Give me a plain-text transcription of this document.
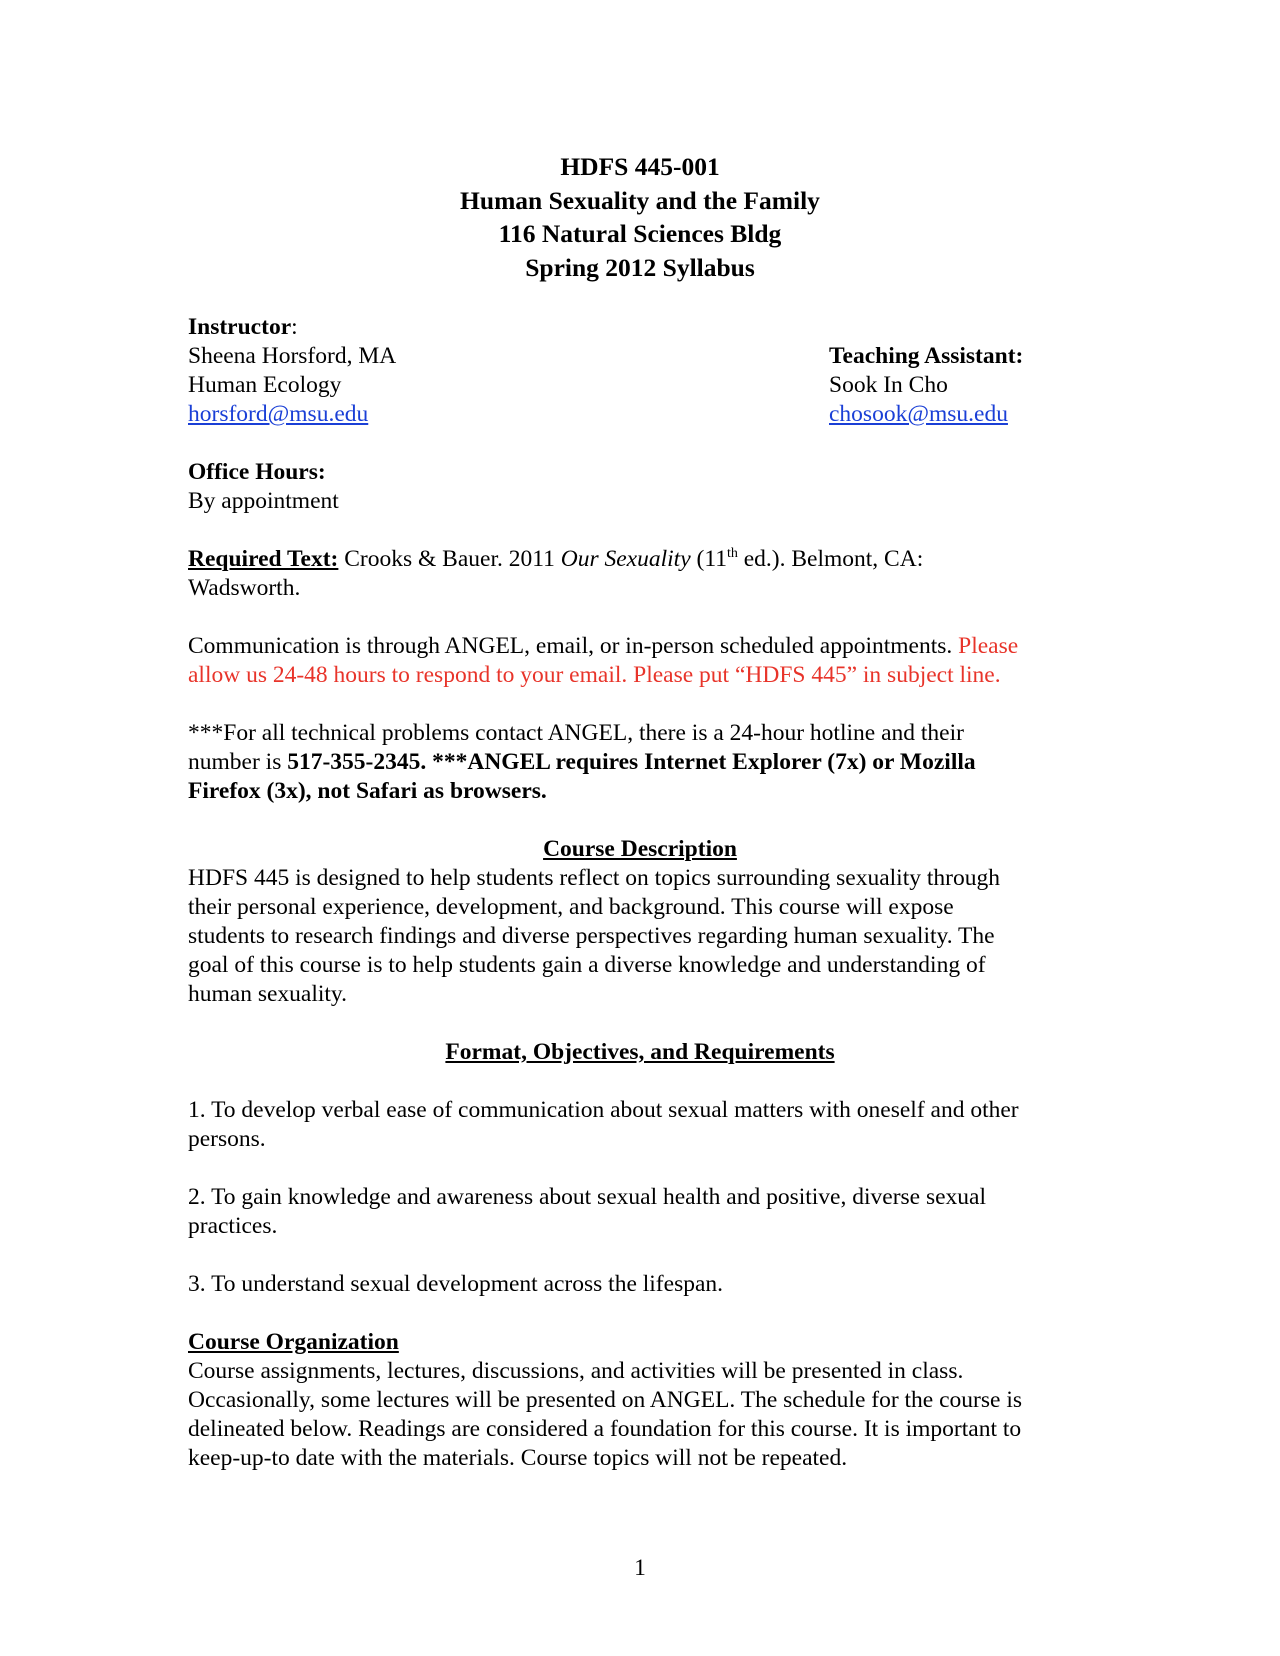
HDFS 445-001
Human Sexuality and the Family
116 Natural Sciences Bldg
Spring 2012 Syllabus
Instructor:
Sheena Horsford, MA
Human Ecology
horsford@msu.edu
Teaching Assistant:
Sook In Cho
chosook@msu.edu
Office Hours:
By appointment
Required Text: Crooks & Bauer. 2011 Our Sexuality (11th ed.). Belmont, CA:
Wadsworth.
Communication is through ANGEL, email, or in-person scheduled appointments. Please
allow us 24-48 hours to respond to your email. Please put “HDFS 445” in subject line.
***For all technical problems contact ANGEL, there is a 24-hour hotline and their
number is 517-355-2345. ***ANGEL requires Internet Explorer (7x) or Mozilla
Firefox (3x), not Safari as browsers.
Course Description
HDFS 445 is designed to help students reflect on topics surrounding sexuality through
their personal experience, development, and background. This course will expose
students to research findings and diverse perspectives regarding human sexuality. The
goal of this course is to help students gain a diverse knowledge and understanding of
human sexuality.
Format, Objectives, and Requirements
1. To develop verbal ease of communication about sexual matters with oneself and other
persons.
2. To gain knowledge and awareness about sexual health and positive, diverse sexual
practices.
3. To understand sexual development across the lifespan.
Course Organization
Course assignments, lectures, discussions, and activities will be presented in class.
Occasionally, some lectures will be presented on ANGEL. The schedule for the course is
delineated below. Readings are considered a foundation for this course. It is important to
keep-up-to date with the materials. Course topics will not be repeated.
1
